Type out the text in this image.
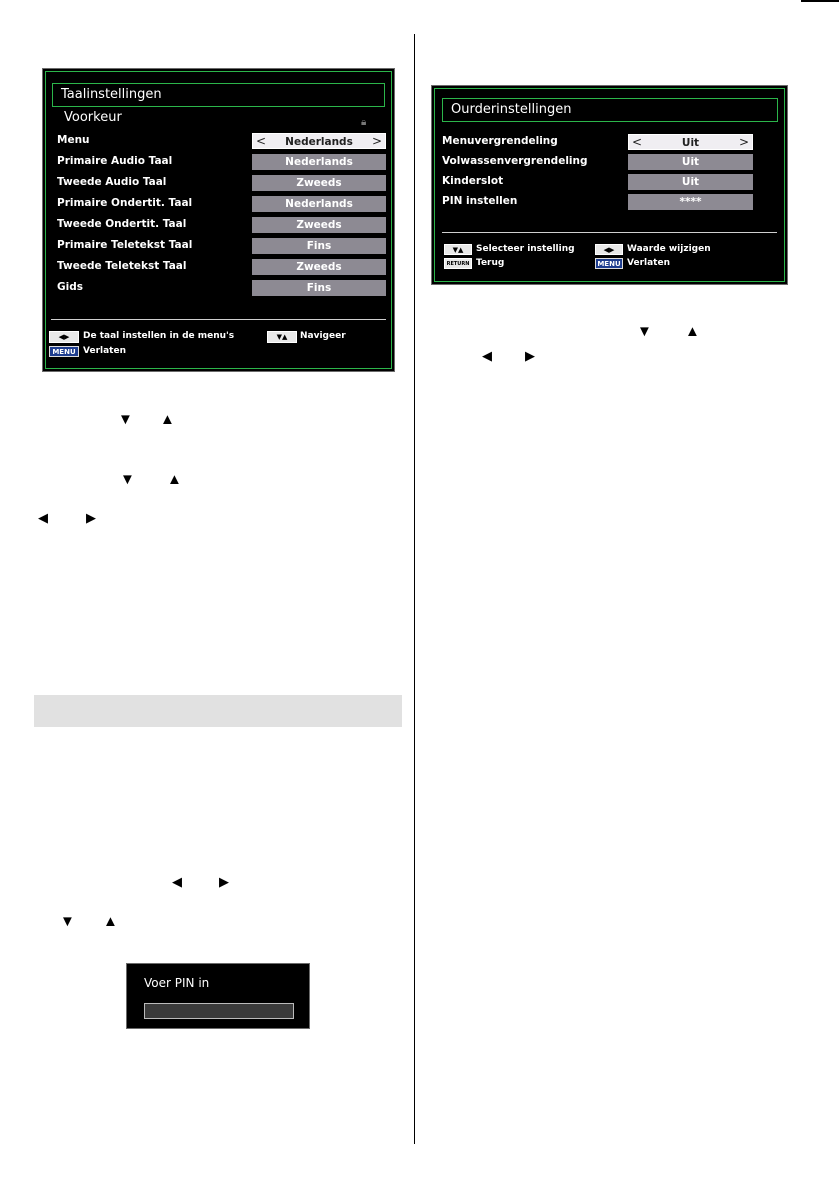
Taalinstellingen
Voorkeur	🔒︎
◀▶	De taal instellen in de menu's
MENU Verlaten
▼▲	Navigeer
Menu	Nederlands
<	>
Primaire Audio Taal	Nederlands
Tweede Audio Taal	Zweeds
Primaire Ondertit. Taal	Nederlands
Tweede Ondertit. Taal	Zweeds
Primaire Teletekst Taal	Fins
Tweede Teletekst Taal	Zweeds
Gids	Fins
▼ ▲
▼ ▲
◀	▶
◀	▶
▼ ▲
Voer PIN in
Ourderinstellingen
▼▲	Selecteer instelling
RETURN Terug
◀▶	Waarde wijzigen
MENU Verlaten
Menuvergrendeling	Uit
<	>
Volwassenvergrendeling	Uit
Kinderslot	Uit
PIN instellen	****
▼ ▲
◀	▶
